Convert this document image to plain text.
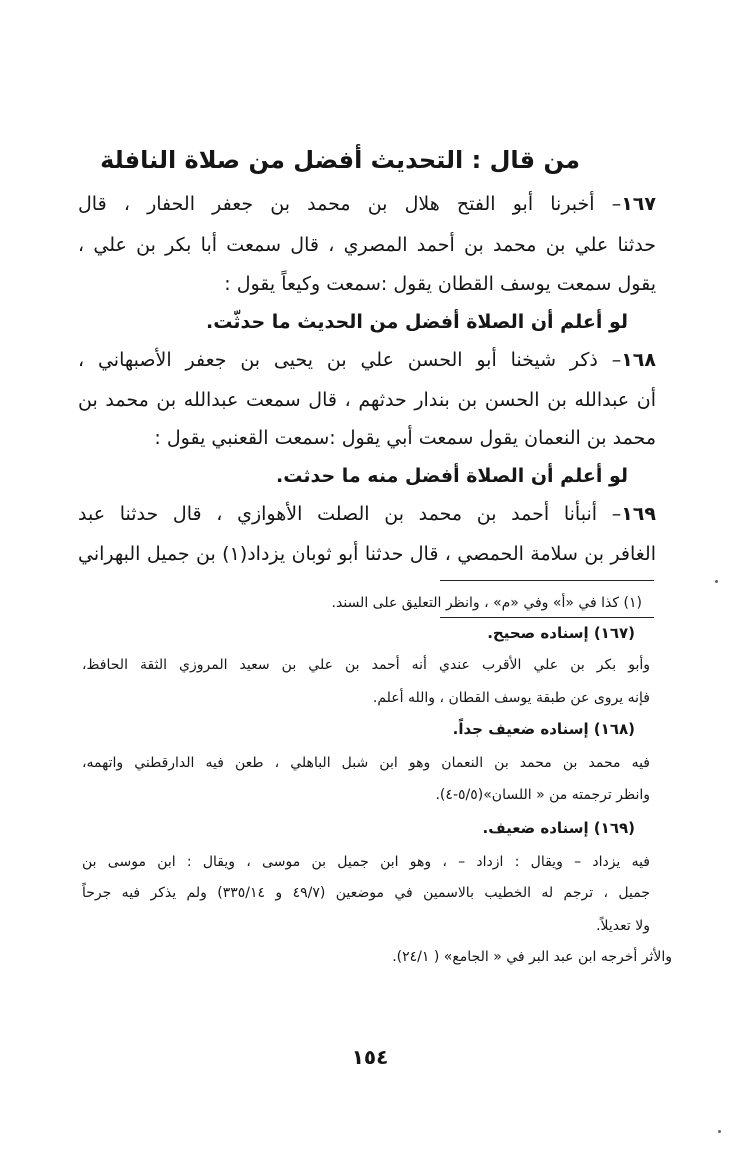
من قال : التحديث أفضل من صلاة النافلة
١٦٧– أخبرنا أبو الفتح هلال بن محمد بن جعفر الحفار ، قال
حدثنا علي بن محمد بن أحمد المصري ، قال سمعت أبا بكر بن علي ،
يقول سمعت يوسف القطان يقول :سمعت وكيعاً يقول :
لو أعلم أن الصلاة أفضل من الحديث ما حدثّت.
١٦٨– ذكر شيخنا أبو الحسن علي بن يحيى بن جعفر الأصبهاني ،
أن عبدالله بن الحسن بن بندار حدثهم ، قال سمعت عبدالله بن محمد بن
محمد بن النعمان يقول سمعت أبي يقول :سمعت القعنبي يقول :
لو أعلم أن الصلاة أفضل منه ما حدثت.
١٦٩– أنبأنا أحمد بن محمد بن الصلت الأهوازي ، قال حدثنا عبد
الغافر بن سلامة الحمصي ، قال حدثنا أبو ثوبان يزداد(١) بن جميل البهراني
(١) كذا في «أ» وفي «م» ، وانظر التعليق على السند.
(١٦٧) إسناده صحيح.
وأبو بكر بن علي الأقرب عندي أنه أحمد بن علي بن سعيد المروزي الثقة الحافظ،
فإنه يروى عن طبقة يوسف القطان ، والله أعلم.
(١٦٨) إسناده ضعيف جداً.
فيه محمد بن محمد بن النعمان وهو ابن شبل الباهلي ، طعن فيه الدارقطني واتهمه،
وانظر ترجمته من « اللسان»(٥/٥-٤).
(١٦٩) إسناده ضعيف.
فيه يزداد – ويقال : ازداد – ، وهو ابن جميل بن موسى ، ويقال : ابن موسى بن
جميل ، ترجم له الخطيب بالاسمين في موضعين (٤٩/٧ و ٣٣٥/١٤) ولم يذكر فيه جرحاً
ولا تعديلاً.
والأثر أخرجه ابن عبد البر في « الجامع» ( ٢٤/١).
١٥٤
